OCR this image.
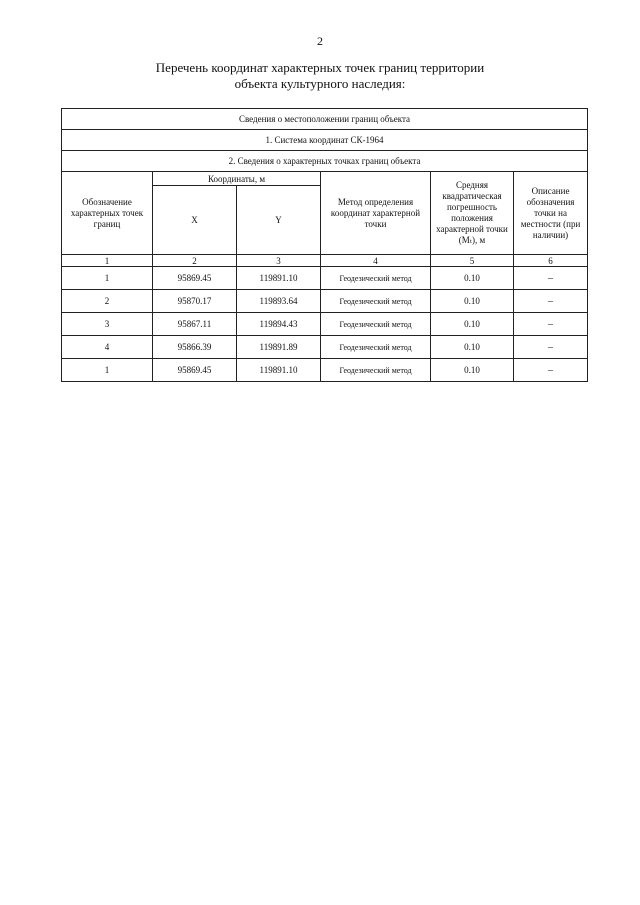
2
Перечень координат характерных точек границ территории
объекта культурного наследия:
Сведения о местоположении границ объекта					
1. Система координат СК-1964					
2. Сведения о характерных точках границ объекта					
Обозначение характерных точек границ	Координаты, м		Метод определения координат характерной точки	Средняя квадратическая погрешность положения характерной точки (Mₜ), м	Описание обозначения точки на местности (при наличии)
	X	Y			
1	2	3	4	5	6
1	95869.45	119891.10	Геодезический метод	0.10	–
2	95870.17	119893.64	Геодезический метод	0.10	–
3	95867.11	119894.43	Геодезический метод	0.10	–
4	95866.39	119891.89	Геодезический метод	0.10	–
1	95869.45	119891.10	Геодезический метод	0.10	–
